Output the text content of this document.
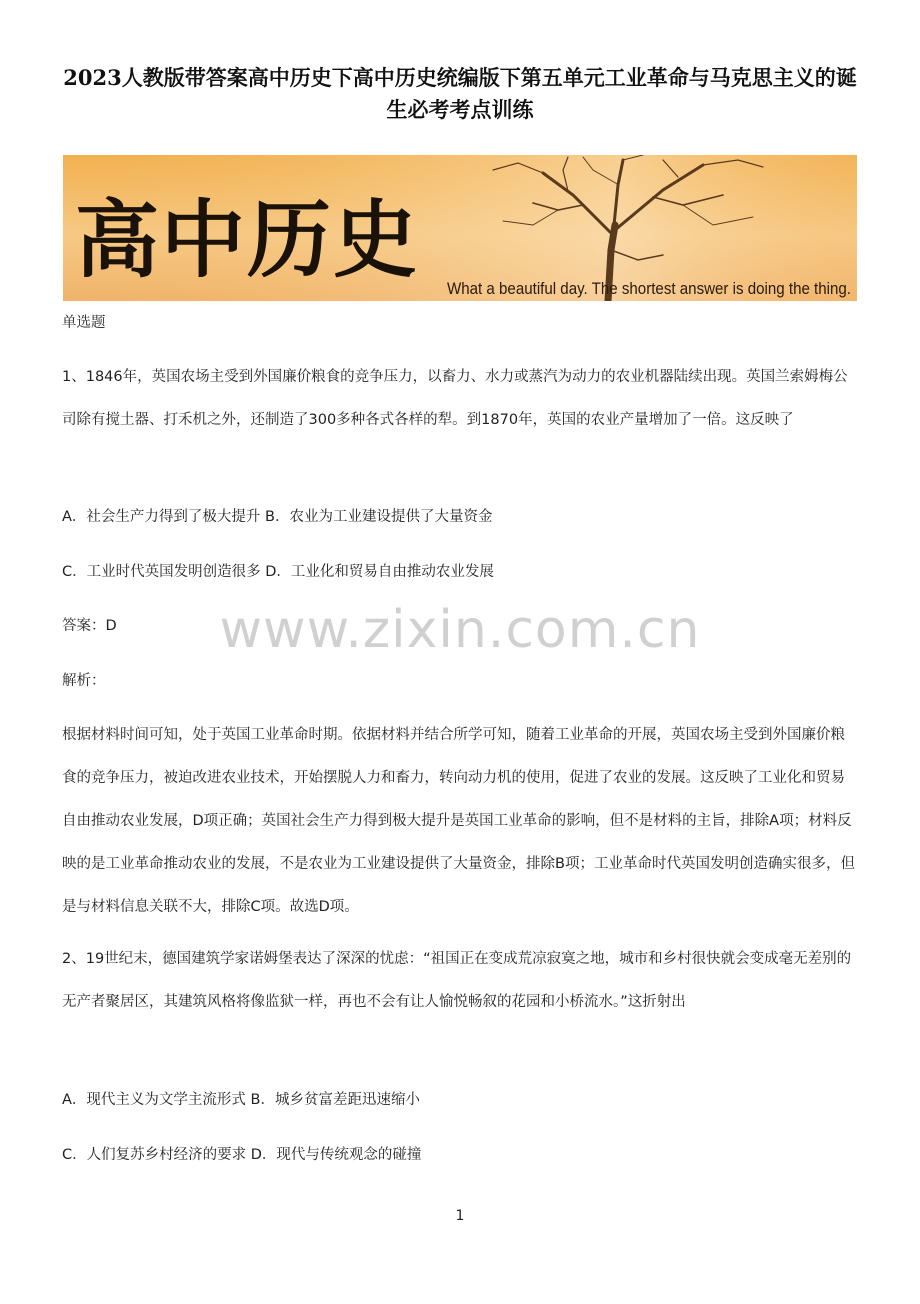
2023人教版带答案高中历史下高中历史统编版下第五单元工业革命与马克思主义的诞生必考考点训练
高中历史 What a beautiful day. The shortest answer is doing the thing.
www.zixin.com.cn

单选题

1、1846年，英国农场主受到外国廉价粮食的竞争压力，以畜力、水力或蒸汽为动力的农业机器陆续出现。英国兰索姆梅公司除有搅土器、打禾机之外，还制造了300多种各式各样的犁。到1870年，英国的农业产量增加了一倍。这反映了

A．社会生产力得到了极大提升 B．农业为工业建设提供了大量资金

C．工业时代英国发明创造很多 D．工业化和贸易自由推动农业发展

答案：D

解析：

根据材料时间可知，处于英国工业革命时期。依据材料并结合所学可知，随着工业革命的开展，英国农场主受到外国廉价粮食的竞争压力，被迫改进农业技术，开始摆脱人力和畜力，转向动力机的使用，促进了农业的发展。这反映了工业化和贸易自由推动农业发展，D项正确；英国社会生产力得到极大提升是英国工业革命的影响，但不是材料的主旨，排除A项；材料反映的是工业革命推动农业的发展，不是农业为工业建设提供了大量资金，排除B项；工业革命时代英国发明创造确实很多，但是与材料信息关联不大，排除C项。故选D项。

2、19世纪末，德国建筑学家诺姆堡表达了深深的忧虑：“祖国正在变成荒凉寂寞之地，城市和乡村很快就会变成毫无差别的无产者聚居区，其建筑风格将像监狱一样，再也不会有让人愉悦畅叙的花园和小桥流水。”这折射出

A．现代主义为文学主流形式 B．城乡贫富差距迅速缩小

C．人们复苏乡村经济的要求 D．现代与传统观念的碰撞

1
